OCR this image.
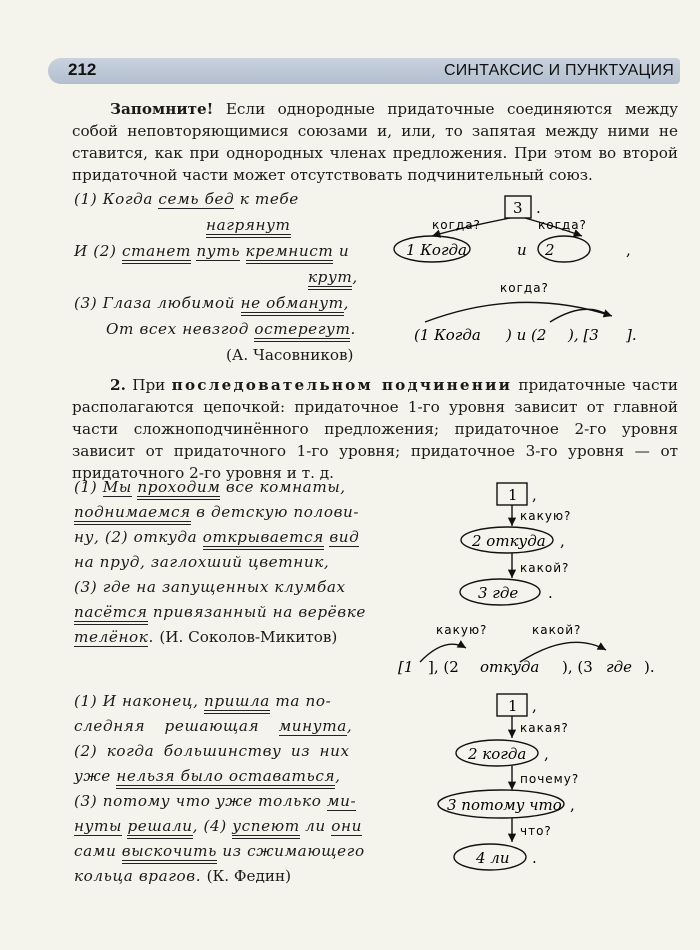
212	СИНТАКСИС И ПУНКТУАЦИЯ
Запомните! Если однородные придаточные соединяются между собой неповторяющимися союзами и, или, то запятая между ними не ставится, как при однородных членах предложения. При этом во второй придаточной части может отсутствовать подчинительный союз.
(1) Когда семь бед к тебе
нагрянут
И (2) станет путь кремнист и
крут,
(3) Глаза любимой не обманут,
От всех невзгод остерегут.
(А. Часовников)
2. При последовательном подчинении придаточные части располагаются цепочкой: придаточное 1-го уровня зависит от главной части сложноподчинённого предложения; придаточное 2-го уровня зависит от придаточного 1-го уровня; придаточное 3-го уровня — от придаточного 2-го уровня и т. д.
(1) Мы проходим все комнаты,
поднимаемся в детскую полови-
ну, (2) откуда открывается вид
на пруд, заглохший цветник,
(3) где на запущенных клумбах
пасётся привязанный на верёвке
телёнок. (И. Соколов-Микитов)
(1) И наконец, пришла та по-
следняя решающая минута,
(2) когда большинству из них
уже нельзя было оставаться,
(3) потому что уже только ми-
нуты решали, (4) успеют ли они
сами выскочить из сжимающего
кольца врагов. (К. Федин)
3 .
когда?	когда?
1 Когда	и 2	,
когда?
(1 Когда ) и (2 ), [3 ].
1 ,
какую?
2 откуда ,
какой?
3 где .
какую?	какой?
[1 ], (2 откуда ), (3 где ).
1 ,
какая?
2 когда ,
почему?
3 потому что ,
что?
4 ли .
